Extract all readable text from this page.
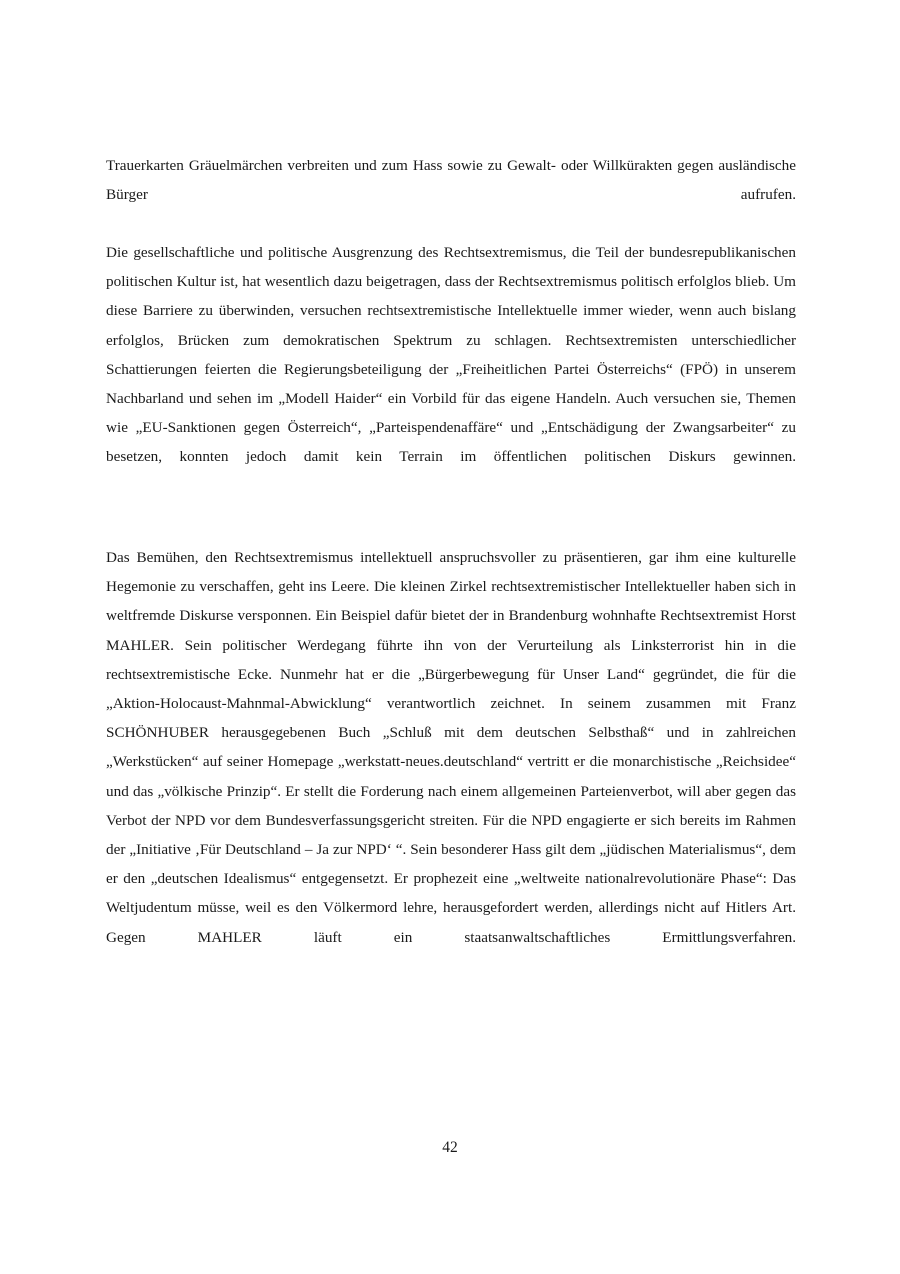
Trauerkarten Gräuelmärchen verbreiten und zum Hass sowie zu Gewalt- oder Willkürakten gegen ausländische Bürger aufrufen.

Die gesellschaftliche und politische Ausgrenzung des Rechtsextremismus, die Teil der bundesrepublikanischen politischen Kultur ist, hat wesentlich dazu beigetragen, dass der Rechtsextremismus politisch erfolglos blieb. Um diese Barriere zu überwinden, versuchen rechtsextremistische Intellektuelle immer wieder, wenn auch bislang erfolglos, Brücken zum demokratischen Spektrum zu schlagen. Rechtsextremisten unterschiedlicher Schattierungen feierten die Regierungsbeteiligung der „Freiheitlichen Partei Österreichs“ (FPÖ) in unserem Nachbarland und sehen im „Modell Haider“ ein Vorbild für das eigene Handeln. Auch versuchen sie, Themen wie „EU-Sanktionen gegen Österreich“, „Parteispendenaffäre“ und „Entschädigung der Zwangsarbeiter“ zu besetzen, konnten jedoch damit kein Terrain im öffentlichen politischen Diskurs gewinnen.

Das Bemühen, den Rechtsextremismus intellektuell anspruchsvoller zu präsentieren, gar ihm eine kulturelle Hegemonie zu verschaffen, geht ins Leere. Die kleinen Zirkel rechtsextremistischer Intellektueller haben sich in weltfremde Diskurse versponnen. Ein Beispiel dafür bietet der in Brandenburg wohnhafte Rechtsextremist Horst MAHLER. Sein politischer Werdegang führte ihn von der Verurteilung als Linksterrorist hin in die rechtsextremistische Ecke. Nunmehr hat er die „Bürgerbewegung für Unser Land“ gegründet, die für die „Aktion-Holocaust-Mahnmal-Abwicklung“ verantwortlich zeichnet. In seinem zusammen mit Franz SCHÖNHUBER herausgegebenen Buch „Schluß mit dem deutschen Selbsthaß“ und in zahlreichen „Werkstücken“ auf seiner Homepage „werkstatt-neues.deutschland“ vertritt er die monarchistische „Reichsidee“ und das „völkische Prinzip“. Er stellt die Forderung nach einem allgemeinen Parteienverbot, will aber gegen das Verbot der NPD vor dem Bundesverfassungsgericht streiten. Für die NPD engagierte er sich bereits im Rahmen der „Initiative ‚Für Deutschland – Ja zur NPD‘ “. Sein besonderer Hass gilt dem „jüdischen Materialismus“, dem er den „deutschen Idealismus“ entgegensetzt. Er prophezeit eine „weltweite nationalrevolutionäre Phase“: Das Weltjudentum müsse, weil es den Völkermord lehre, herausgefordert werden, allerdings nicht auf Hitlers Art. Gegen MAHLER läuft ein staatsanwaltschaftliches Ermittlungsverfahren.

42
